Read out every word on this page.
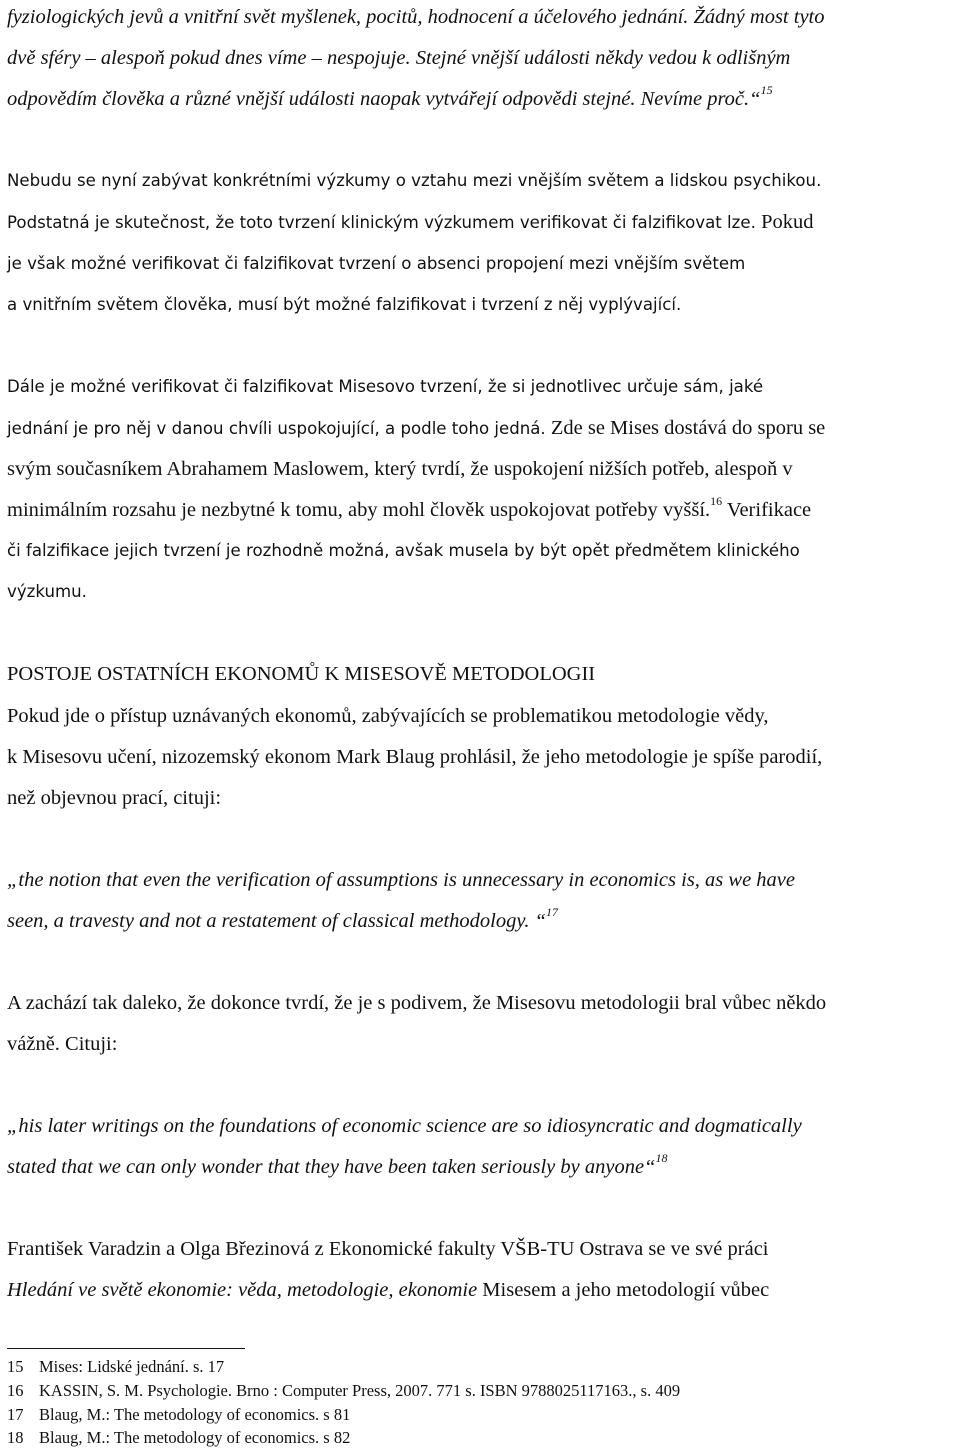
fyziologických jevů a vnitřní svět myšlenek, pocitů, hodnocení a účelového jednání. Žádný most tyto
dvě sféry – alespoň pokud dnes víme – nespojuje. Stejné vnější události někdy vedou k odlišným
odpovědím člověka a různé vnější události naopak vytvářejí odpovědi stejné. Nevíme proč.“$^{15}$
Nebudu se nyní zabývat konkrétními výzkumy o vztahu mezi vnějším světem a lidskou psychikou.
Podstatná je skutečnost, že toto tvrzení klinickým výzkumem verifikovat či falzifikovat lze. Pokud
je však možné verifikovat či falzifikovat tvrzení o absenci propojení mezi vnějším světem
a vnitřním světem člověka, musí být možné falzifikovat i tvrzení z něj vyplývající.
Dále je možné verifikovat či falzifikovat Misesovo tvrzení, že si jednotlivec určuje sám, jaké
jednání je pro něj v danou chvíli uspokojující, a podle toho jedná. Zde se Mises dostává do sporu se
svým současníkem Abrahamem Maslowem, který tvrdí, že uspokojení nižších potřeb, alespoň v
minimálním rozsahu je nezbytné k tomu, aby mohl člověk uspokojovat potřeby vyšší.$^{16}$ Verifikace
či falzifikace jejich tvrzení je rozhodně možná, avšak musela by být opět předmětem klinického
výzkumu.
POSTOJE OSTATNÍCH EKONOMŮ K MISESOVĚ METODOLOGII
Pokud jde o přístup uznávaných ekonomů, zabývajících se problematikou metodologie vědy,
k Misesovu učení, nizozemský ekonom Mark Blaug prohlásil, že jeho metodologie je spíše parodií,
než objevnou prací, cituji:
„the notion that even the verification of assumptions is unnecessary in economics is, as we have
seen, a travesty and not a restatement of classical methodology. “$^{17}$
A zachází tak daleko, že dokonce tvrdí, že je s podivem, že Misesovu metodologii bral vůbec někdo
vážně. Cituji:
„his later writings on the foundations of economic science are so idiosyncratic and dogmatically
stated that we can only wonder that they have been taken seriously by anyone“$^{18}$
František Varadzin a Olga Březinová z Ekonomické fakulty VŠB-TU Ostrava se ve své práci
Hledání ve světě ekonomie: věda, metodologie, ekonomie Misesem a jeho metodologií vůbec
15 Mises: Lidské jednání. s. 17
16 KASSIN, S. M. Psychologie. Brno : Computer Press, 2007. 771 s. ISBN 9788025117163., s. 409
17 Blaug, M.: The metodology of economics. s 81
18 Blaug, M.: The metodology of economics. s 82
